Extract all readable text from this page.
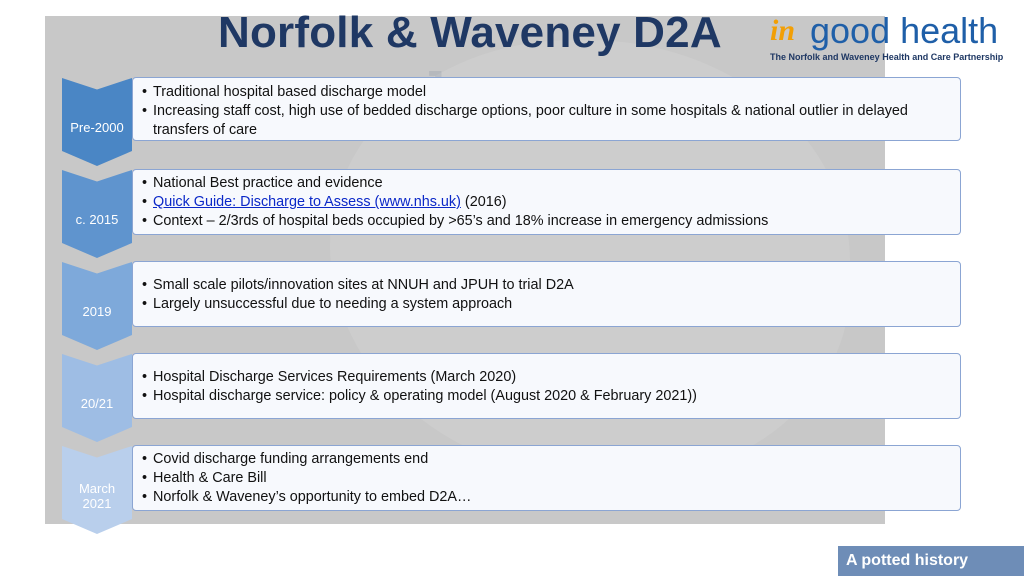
Norfolk & Waveney D2A in good health
The Norfolk and Waveney Health and Care Partnership
Pre-2000
• Traditional hospital based discharge model
• Increasing staff cost, high use of bedded discharge options, poor culture in some hospitals & national outlier in delayed transfers of care
c. 2015
• National Best practice and evidence
• Quick Guide: Discharge to Assess (www.nhs.uk) (2016)
• Context – 2/3rds of hospital beds occupied by >65’s and 18% increase in emergency admissions
2019
• Small scale pilots/innovation sites at NNUH and JPUH to trial D2A
• Largely unsuccessful due to needing a system approach
20/21
• Hospital Discharge Services Requirements (March 2020)
• Hospital discharge service: policy & operating model (August 2020 & February 2021))
March
2021
• Covid discharge funding arrangements end
• Health & Care Bill
• Norfolk & Waveney’s opportunity to embed D2A…
A potted history
